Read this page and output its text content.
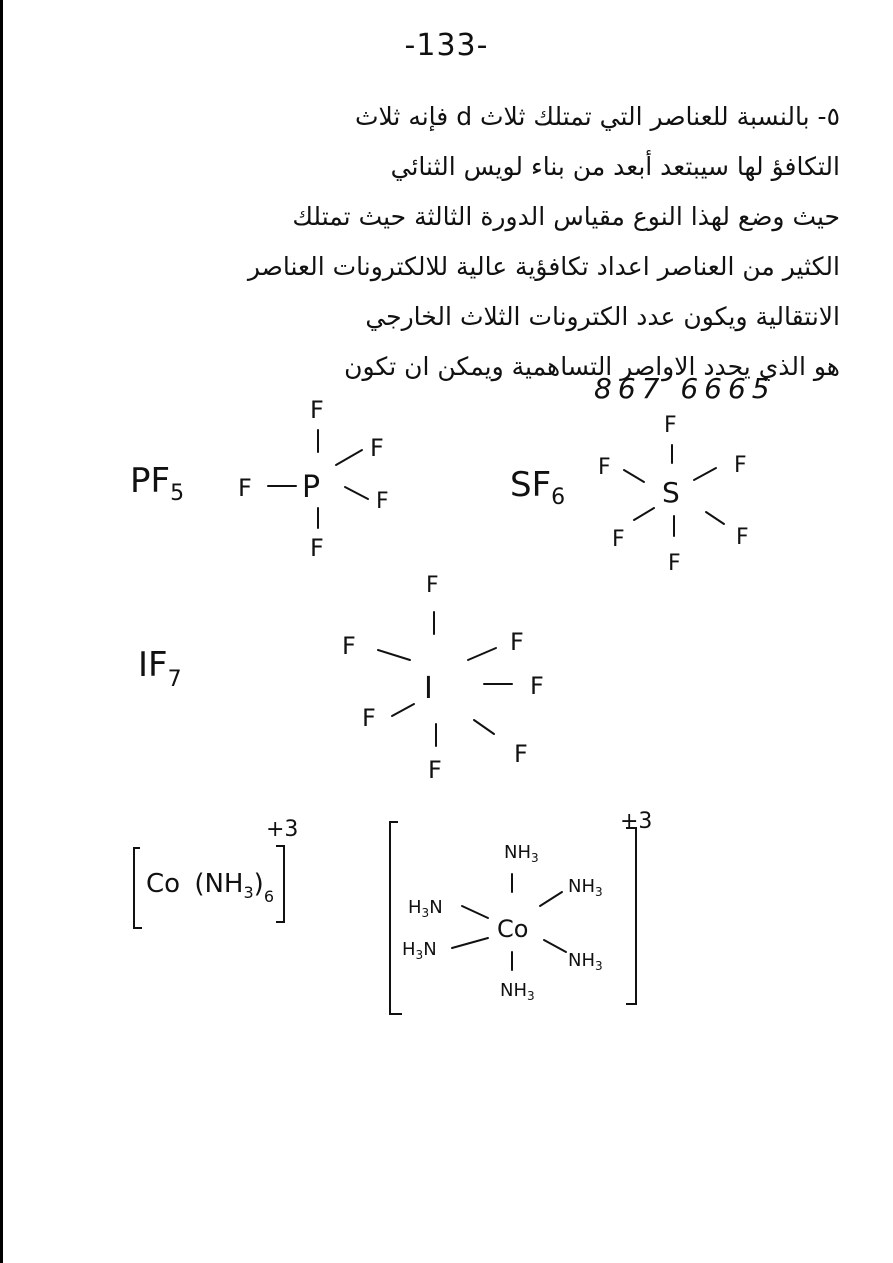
-133-
٥- بالنسبة للعناصر التي تمتلك ثلاث d فإنه ثلاث
التكافؤ لها سيبتعد أبعد من بناء لويس الثنائي
حيث وضع لهذا النوع مقياس الدورة الثالثة حيث تمتلك
الكثير من العناصر اعداد تكافؤية عالية للالكترونات العناصر
الانتقالية ويكون عدد الكترونات الثلاث الخارجي
هو الذي يحدد الاواصر التساهمية ويمكن ان تكون
867 6665
$PF_5$	P
F
F
F	F
F
$SF_6$	S
F
F	F
F	F
F
$IF_7$	I
F
F	F
F
F
F
F
Co $(NH_3)_6$
+3	+3
Co
$NH_3$
$NH_3$
$H_3N$
$H_3N$
$NH_3$
$NH_3$
